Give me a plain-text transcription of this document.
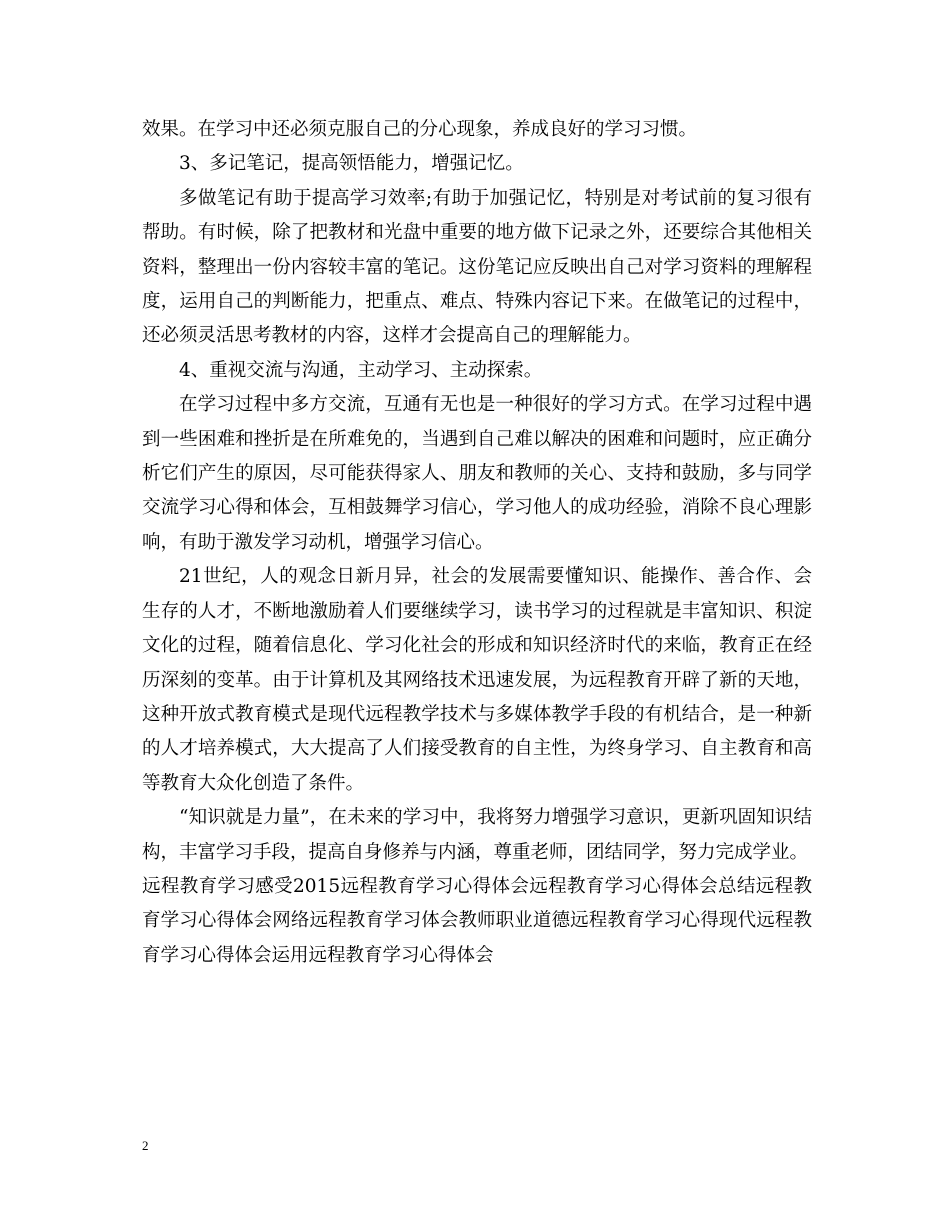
效果。在学习中还必须克服自己的分心现象，养成良好的学习习惯。

3、多记笔记，提高领悟能力，增强记忆。

多做笔记有助于提高学习效率;有助于加强记忆，特别是对考试前的复习很有帮助。有时候，除了把教材和光盘中重要的地方做下记录之外，还要综合其他相关资料，整理出一份内容较丰富的笔记。这份笔记应反映出自己对学习资料的理解程度，运用自己的判断能力，把重点、难点、特殊内容记下来。在做笔记的过程中，还必须灵活思考教材的内容，这样才会提高自己的理解能力。

4、重视交流与沟通，主动学习、主动探索。

在学习过程中多方交流，互通有无也是一种很好的学习方式。在学习过程中遇到一些困难和挫折是在所难免的，当遇到自己难以解决的困难和问题时，应正确分析它们产生的原因，尽可能获得家人、朋友和教师的关心、支持和鼓励，多与同学交流学习心得和体会，互相鼓舞学习信心，学习他人的成功经验，消除不良心理影响，有助于激发学习动机，增强学习信心。

21世纪，人的观念日新月异，社会的发展需要懂知识、能操作、善合作、会生存的人才，不断地激励着人们要继续学习，读书学习的过程就是丰富知识、积淀文化的过程，随着信息化、学习化社会的形成和知识经济时代的来临，教育正在经历深刻的变革。由于计算机及其网络技术迅速发展，为远程教育开辟了新的天地，这种开放式教育模式是现代远程教学技术与多媒体教学手段的有机结合，是一种新的人才培养模式，大大提高了人们接受教育的自主性，为终身学习、自主教育和高等教育大众化创造了条件。

“知识就是力量”，在未来的学习中，我将努力增强学习意识，更新巩固知识结构，丰富学习手段，提高自身修养与内涵，尊重老师，团结同学，努力完成学业。

远程教育学习感受2015远程教育学习心得体会远程教育学习心得体会总结远程教育学习心得体会网络远程教育学习体会教师职业道德远程教育学习心得现代远程教育学习心得体会运用远程教育学习心得体会

2
